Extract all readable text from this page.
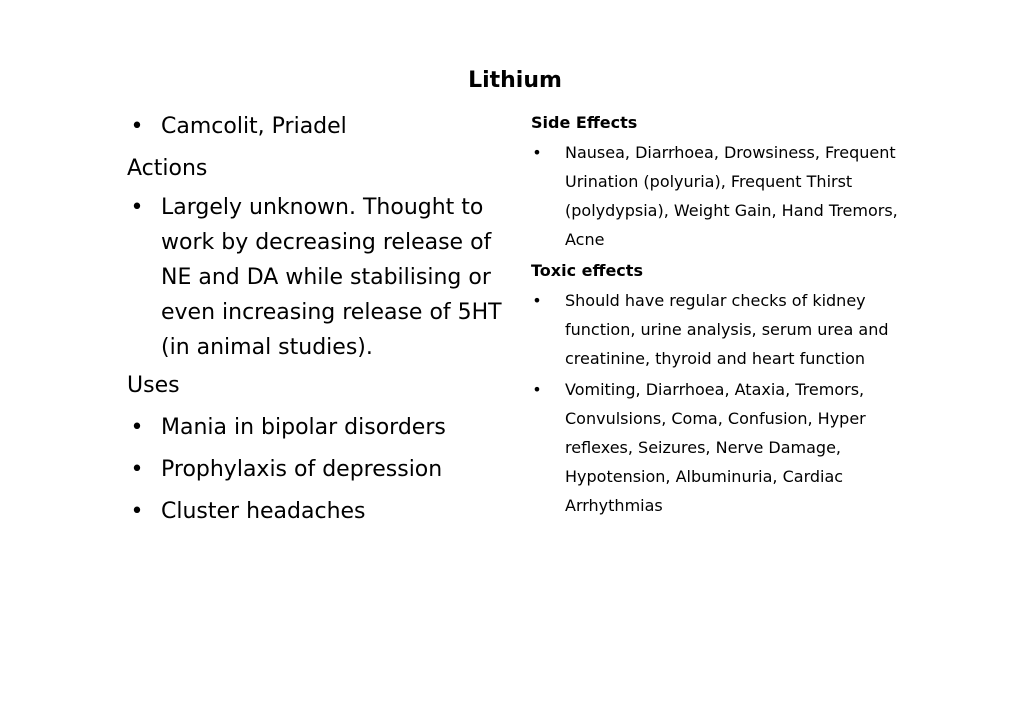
Lithium
• Camcolit, Priadel
Actions
• Largely unknown. Thought to work by decreasing release of NE and DA while stabilising or even increasing release of 5HT (in animal studies).
Uses
• Mania in bipolar disorders
• Prophylaxis of depression
• Cluster headaches
Side Effects
• Nausea, Diarrhoea, Drowsiness, Frequent Urination (polyuria), Frequent Thirst (polydypsia), Weight Gain, Hand Tremors, Acne
Toxic effects
• Should have regular checks of kidney function, urine analysis, serum urea and creatinine, thyroid and heart function
• Vomiting, Diarrhoea, Ataxia, Tremors, Convulsions, Coma, Confusion, Hyper reflexes, Seizures, Nerve Damage, Hypotension, Albuminuria, Cardiac Arrhythmias
